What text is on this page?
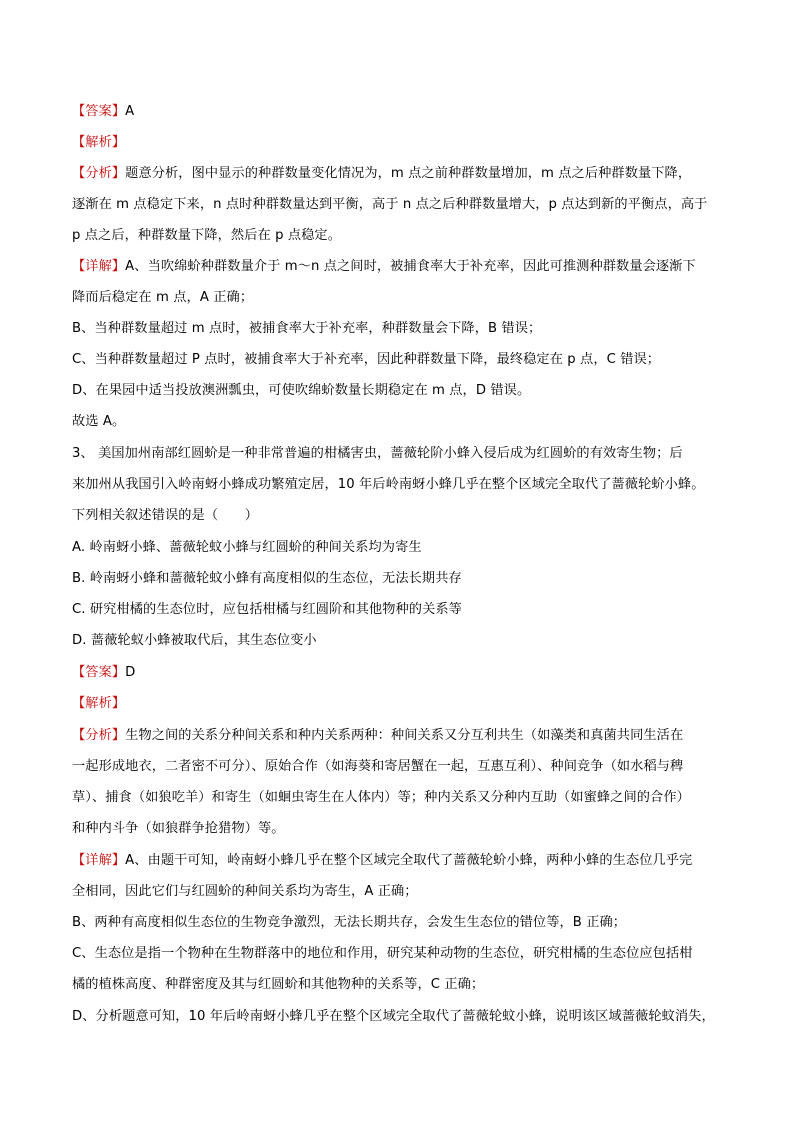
【答案】A
【解析】
【分析】题意分析，图中显示的种群数量变化情况为，m 点之前种群数量增加，m 点之后种群数量下降，
逐渐在 m 点稳定下来，n 点时种群数量达到平衡，高于 n 点之后种群数量增大，p 点达到新的平衡点，高于
p 点之后，种群数量下降，然后在 p 点稳定。
【详解】A、当吹绵蚧种群数量介于 m～n 点之间时，被捕食率大于补充率，因此可推测种群数量会逐渐下
降而后稳定在 m 点，A 正确；
B、当种群数量超过 m 点时，被捕食率大于补充率，种群数量会下降，B 错误；
C、当种群数量超过 P 点时，被捕食率大于补充率，因此种群数量下降，最终稳定在 p 点，C 错误；
D、在果园中适当投放澳洲瓢虫，可使吹绵蚧数量长期稳定在 m 点，D 错误。
故选 A。
3、 美国加州南部红圆蚧是一种非常普遍的柑橘害虫，蔷薇轮阶小蜂入侵后成为红圆蚧的有效寄生物；后
来加州从我国引入岭南蚜小蜂成功繁殖定居，10 年后岭南蚜小蜂几乎在整个区域完全取代了蔷薇轮蚧小蜂。
下列相关叙述错误的是（　　）
A. 岭南蚜小蜂、蔷薇轮蚊小蜂与红圆蚧的种间关系均为寄生
B. 岭南蚜小蜂和蔷薇轮蚊小蜂有高度相似的生态位，无法长期共存
C. 研究柑橘的生态位时，应包括柑橘与红圆阶和其他物种的关系等
D. 蔷薇轮蚁小蜂被取代后，其生态位变小
【答案】D
【解析】
【分析】生物之间的关系分种间关系和种内关系两种：种间关系又分互利共生（如藻类和真菌共同生活在
一起形成地衣，二者密不可分）、原始合作（如海葵和寄居蟹在一起，互惠互利）、种间竞争（如水稻与稗
草）、捕食（如狼吃羊）和寄生（如蛔虫寄生在人体内）等；种内关系又分种内互助（如蜜蜂之间的合作）
和种内斗争（如狼群争抢猎物）等。
【详解】A、由题干可知，岭南蚜小蜂几乎在整个区域完全取代了蔷薇轮蚧小蜂，两种小蜂的生态位几乎完
全相同，因此它们与红圆蚧的种间关系均为寄生，A 正确；
B、两种有高度相似生态位的生物竞争激烈，无法长期共存，会发生生态位的错位等，B 正确；
C、生态位是指一个物种在生物群落中的地位和作用，研究某种动物的生态位，研究柑橘的生态位应包括柑
橘的植株高度、种群密度及其与红圆蚧和其他物种的关系等，C 正确；
D、分析题意可知，10 年后岭南蚜小蜂几乎在整个区域完全取代了蔷薇轮蚊小蜂，说明该区域蔷薇轮蚊消失，
